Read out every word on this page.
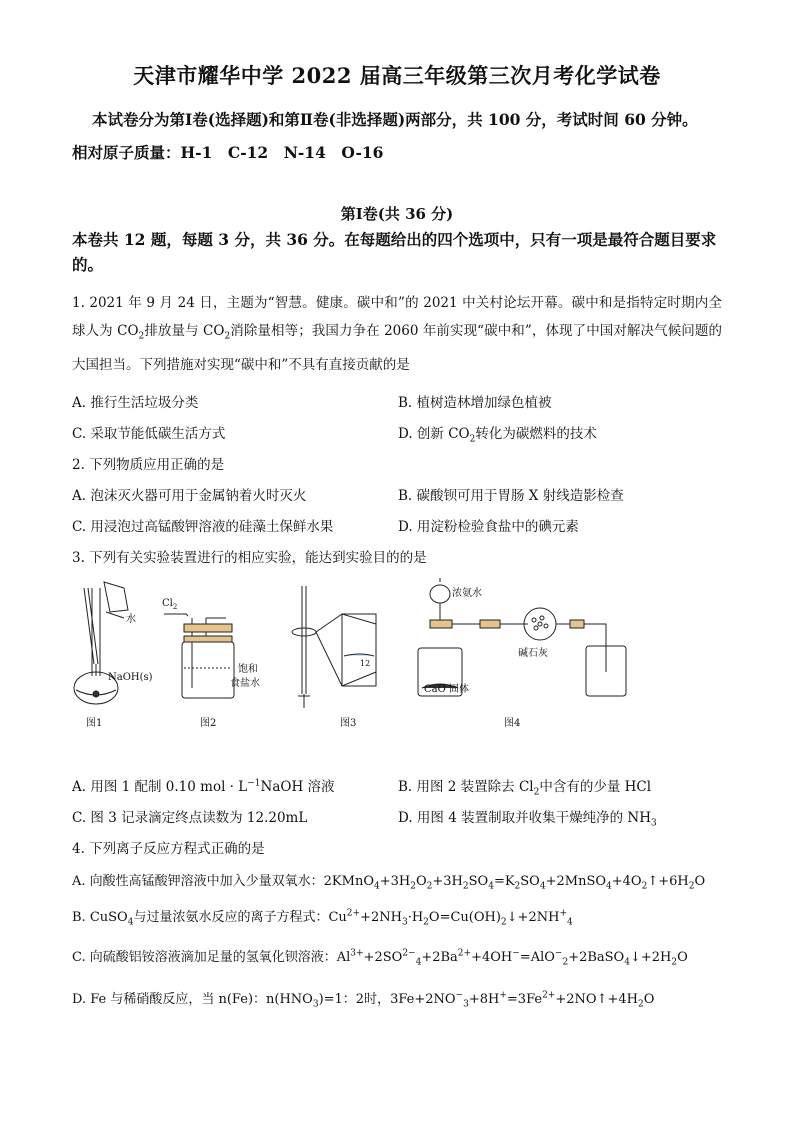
天津市耀华中学 2022 届高三年级第三次月考化学试卷
本试卷分为第Ⅰ卷(选择题)和第Ⅱ卷(非选择题)两部分，共 100 分，考试时间 60 分钟。
相对原子质量：H-1　C-12　N-14　O-16
第Ⅰ卷(共 36 分)
本卷共 12 题，每题 3 分，共 36 分。在每题给出的四个选项中，只有一项是最符合题目要求的。
1. 2021 年 9 月 24 日，主题为“智慧。健康。碳中和”的 2021 中关村论坛开幕。碳中和是指特定时期内全球人为 $CO_2$排放量与 $CO_2$消除量相等；我国力争在 2060 年前实现“碳中和”，体现了中国对解决气候问题的大国担当。下列措施对实现“碳中和”不具有直接贡献的是
A. 推行生活垃圾分类	B. 植树造林增加绿色植被
C. 采取节能低碳生活方式	D. 创新 $CO_2$转化为碳燃料的技术
2. 下列物质应用正确的是
A. 泡沫灭火器可用于金属钠着火时灭火	B. 碳酸钡可用于胃肠 X 射线造影检查
C. 用浸泡过高锰酸钾溶液的硅藻土保鲜水果	D. 用淀粉检验食盐中的碘元素
3. 下列有关实验装置进行的相应实验，能达到实验目的的是
水
NaOH(s)
图1
$Cl_2$
饱和
食盐水
图2
12
图3
浓氨水
碱石灰
CaO 固体
图4
A. 用图 1 配制 0.10 mol · $L^{-1}NaOH$ 溶液	B. 用图 2 装置除去 $Cl_2$中含有的少量 HCl
C. 图 3 记录滴定终点读数为 12.20mL	D. 用图 4 装置制取并收集干燥纯净的 $NH_3$
4. 下列离子反应方程式正确的是
A. 向酸性高锰酸钾溶液中加入少量双氧水：$2KMnO_4+3H_2O_2+3H_2SO_4=K_2SO_4+2MnSO_4+4O_2↑+6H_2O$
B. CuSO$_4$与过量浓氨水反应的离子方程式：$Cu^{2+}+2NH_3\cdot H_2O=Cu(OH)_2↓+2NH^+_4$
C. 向硫酸铝铵溶液滴加足量的氢氧化钡溶液：$Al^{3+}+2SO^{2-}_4+2Ba^{2+}+4OH^-=AlO^-_2+2BaSO_4↓+2H_2O$
D. Fe 与稀硝酸反应，当 n(Fe)：$n(HNO_3)=1$：2时，$3Fe+2NO^-_3+8H^+=3Fe^{2+}+2NO↑+4H_2O$
